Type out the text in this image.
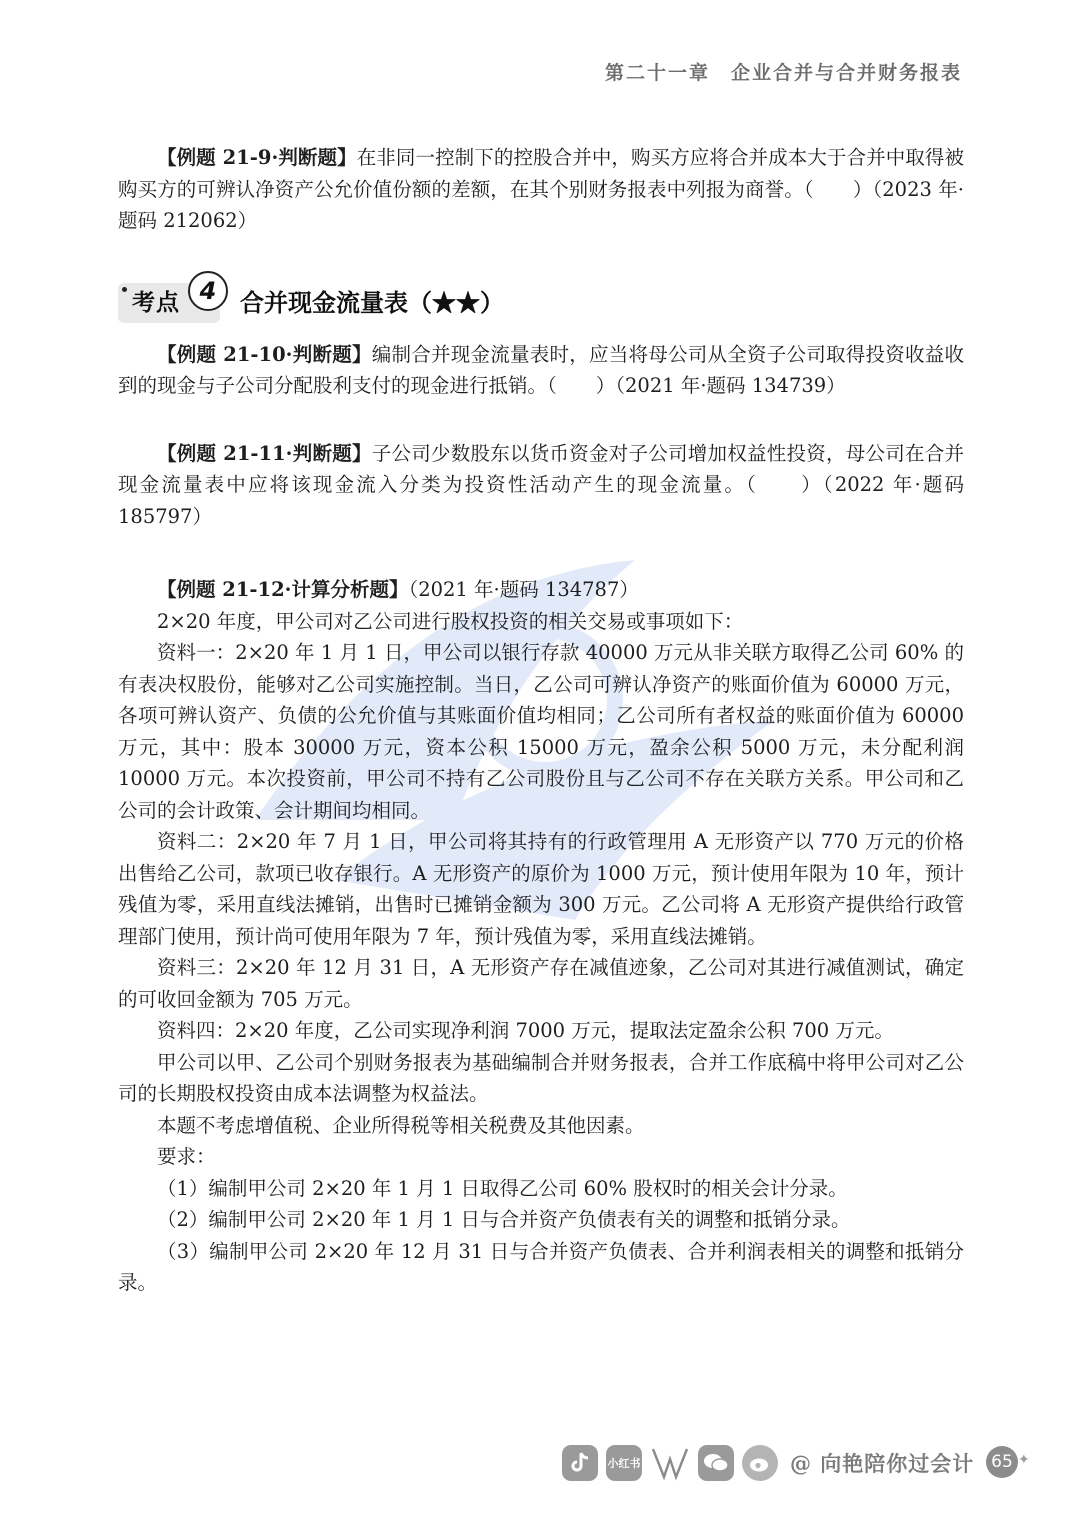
第二十一章　企业合并与合并财务报表

【例题 21-9·判断题】在非同一控制下的控股合并中，购买方应将合并成本大于合并中取得被购买方的可辨认净资产公允价值份额的差额，在其个别财务报表中列报为商誉。（　　）（2023 年·题码 212062）

考点 4 合并现金流量表（★★）

【例题 21-10·判断题】编制合并现金流量表时，应当将母公司从全资子公司取得投资收益收到的现金与子公司分配股利支付的现金进行抵销。（　　）（2021 年·题码 134739）

【例题 21-11·判断题】子公司少数股东以货币资金对子公司增加权益性投资，母公司在合并现金流量表中应将该现金流入分类为投资性活动产生的现金流量。（　　）（2022 年·题码 185797）

【例题 21-12·计算分析题】（2021 年·题码 134787）

2×20 年度，甲公司对乙公司进行股权投资的相关交易或事项如下：

资料一：2×20 年 1 月 1 日，甲公司以银行存款 40000 万元从非关联方取得乙公司 60% 的有表决权股份，能够对乙公司实施控制。当日，乙公司可辨认净资产的账面价值为 60000 万元，各项可辨认资产、负债的公允价值与其账面价值均相同；乙公司所有者权益的账面价值为 60000 万元，其中：股本 30000 万元，资本公积 15000 万元，盈余公积 5000 万元，未分配利润 10000 万元。本次投资前，甲公司不持有乙公司股份且与乙公司不存在关联方关系。甲公司和乙公司的会计政策、会计期间均相同。

资料二：2×20 年 7 月 1 日，甲公司将其持有的行政管理用 A 无形资产以 770 万元的价格出售给乙公司，款项已收存银行。A 无形资产的原价为 1000 万元，预计使用年限为 10 年，预计残值为零，采用直线法摊销，出售时已摊销金额为 300 万元。乙公司将 A 无形资产提供给行政管理部门使用，预计尚可使用年限为 7 年，预计残值为零，采用直线法摊销。

资料三：2×20 年 12 月 31 日，A 无形资产存在减值迹象，乙公司对其进行减值测试，确定的可收回金额为 705 万元。

资料四：2×20 年度，乙公司实现净利润 7000 万元，提取法定盈余公积 700 万元。

甲公司以甲、乙公司个别财务报表为基础编制合并财务报表，合并工作底稿中将甲公司对乙公司的长期股权投资由成本法调整为权益法。

本题不考虑增值税、企业所得税等相关税费及其他因素。

要求：

（1）编制甲公司 2×20 年 1 月 1 日取得乙公司 60% 股权时的相关会计分录。

（2）编制甲公司 2×20 年 1 月 1 日与合并资产负债表有关的调整和抵销分录。

（3）编制甲公司 2×20 年 12 月 31 日与合并资产负债表、合并利润表相关的调整和抵销分录。

小红书	@ 向艳陪你过会计 65 ✦
